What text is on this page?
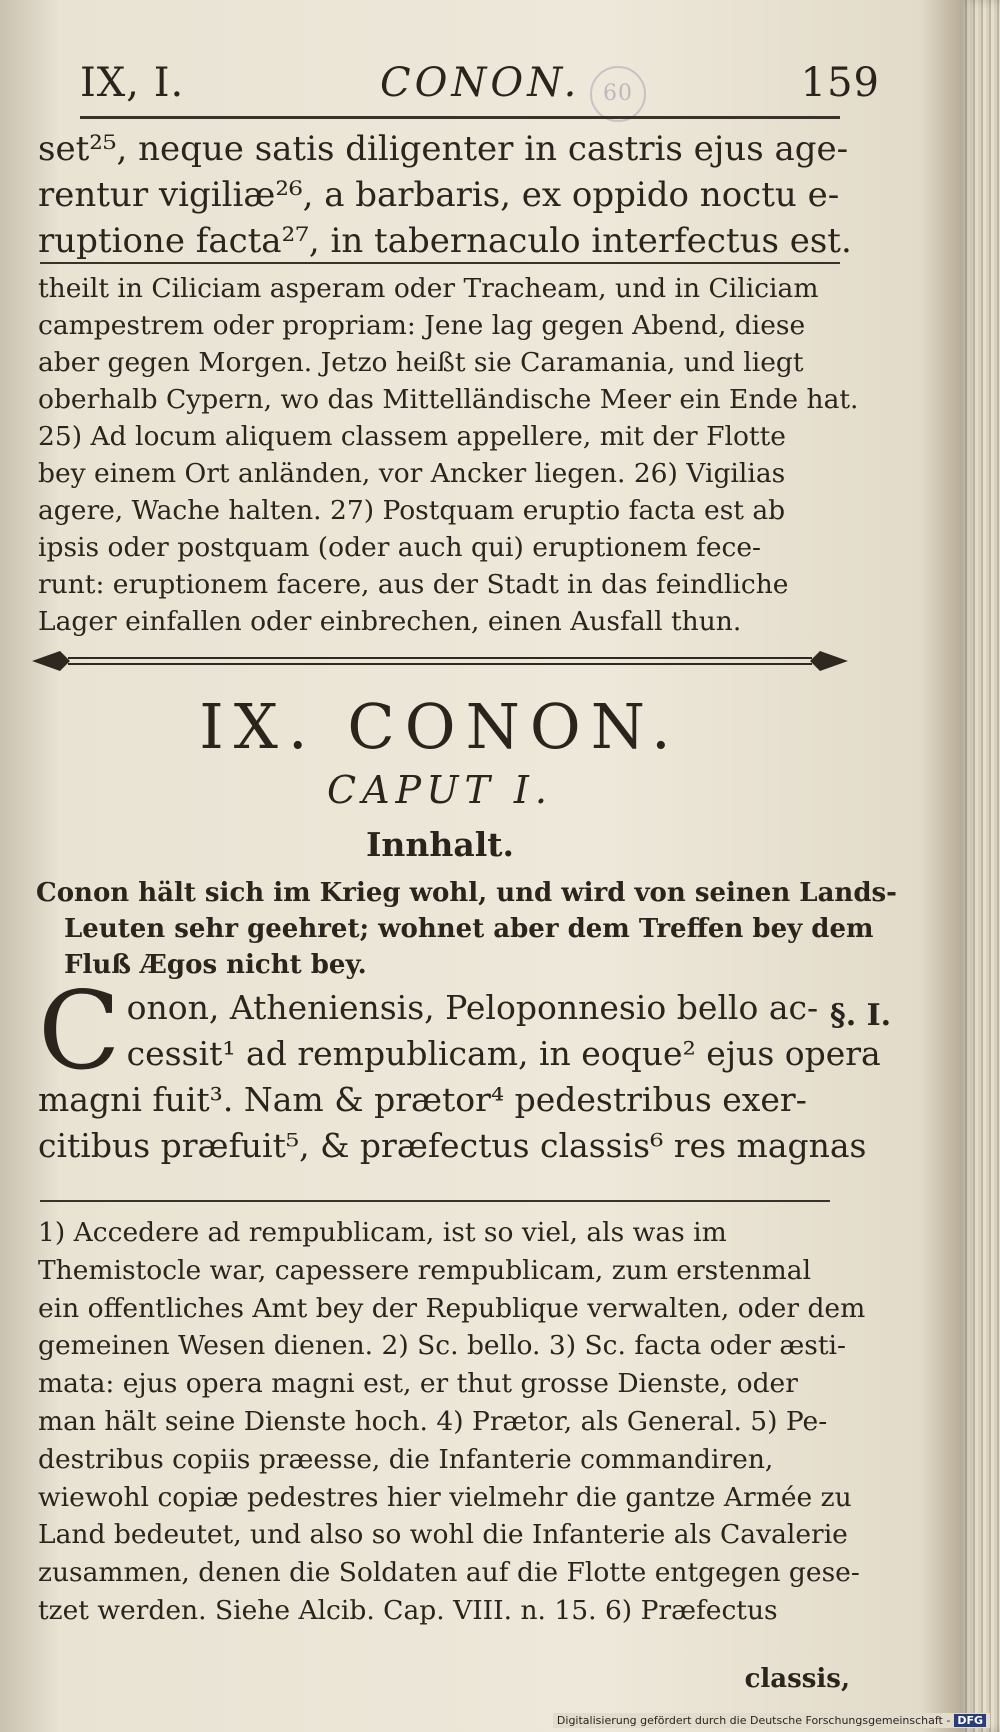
IX, I.	CONON.	159
60
set²⁵, neque satis diligenter in castris ejus age-
rentur vigiliæ²⁶, a barbaris, ex oppido noctu e-
ruptione facta²⁷, in tabernaculo interfectus est.
theilt in Ciliciam asperam oder Tracheam, und in Ciliciam
campestrem oder propriam: Jene lag gegen Abend, diese
aber gegen Morgen. Jetzo heißt sie Caramania, und liegt
oberhalb Cypern, wo das Mittelländische Meer ein Ende hat.
25) Ad locum aliquem classem appellere, mit der Flotte
bey einem Ort anländen, vor Ancker liegen. 26) Vigilias
agere, Wache halten. 27) Postquam eruptio facta est ab
ipsis oder postquam (oder auch qui) eruptionem fece-
runt: eruptionem facere, aus der Stadt in das feindliche
Lager einfallen oder einbrechen, einen Ausfall thun.
IX. CONON.
CAPUT I.
Innhalt.
Conon hält sich im Krieg wohl, und wird von seinen Lands-
Leuten sehr geehret; wohnet aber dem Treffen bey dem
Fluß Ægos nicht bey.
C onon, Atheniensis, Peloponnesio bello ac-
cessit¹ ad rempublicam, in eoque² ejus opera
magni fuit³. Nam & prætor⁴ pedestribus exer-
citibus præfuit⁵, & præfectus classis⁶ res magnas
§. I.
1) Accedere ad rempublicam, ist so viel, als was im
Themistocle war, capessere rempublicam, zum erstenmal
ein offentliches Amt bey der Republique verwalten, oder dem
gemeinen Wesen dienen. 2) Sc. bello. 3) Sc. facta oder æsti-
mata: ejus opera magni est, er thut grosse Dienste, oder
man hält seine Dienste hoch. 4) Prætor, als General. 5) Pe-
destribus copiis præesse, die Infanterie commandiren,
wiewohl copiæ pedestres hier vielmehr die gantze Armée zu
Land bedeutet, und also so wohl die Infanterie als Cavalerie
zusammen, denen die Soldaten auf die Flotte entgegen gese-
tzet werden. Siehe Alcib. Cap. VIII. n. 15. 6) Præfectus
classis,
Digitalisierung gefördert durch die Deutsche Forschungsgemeinschaft - DFG
